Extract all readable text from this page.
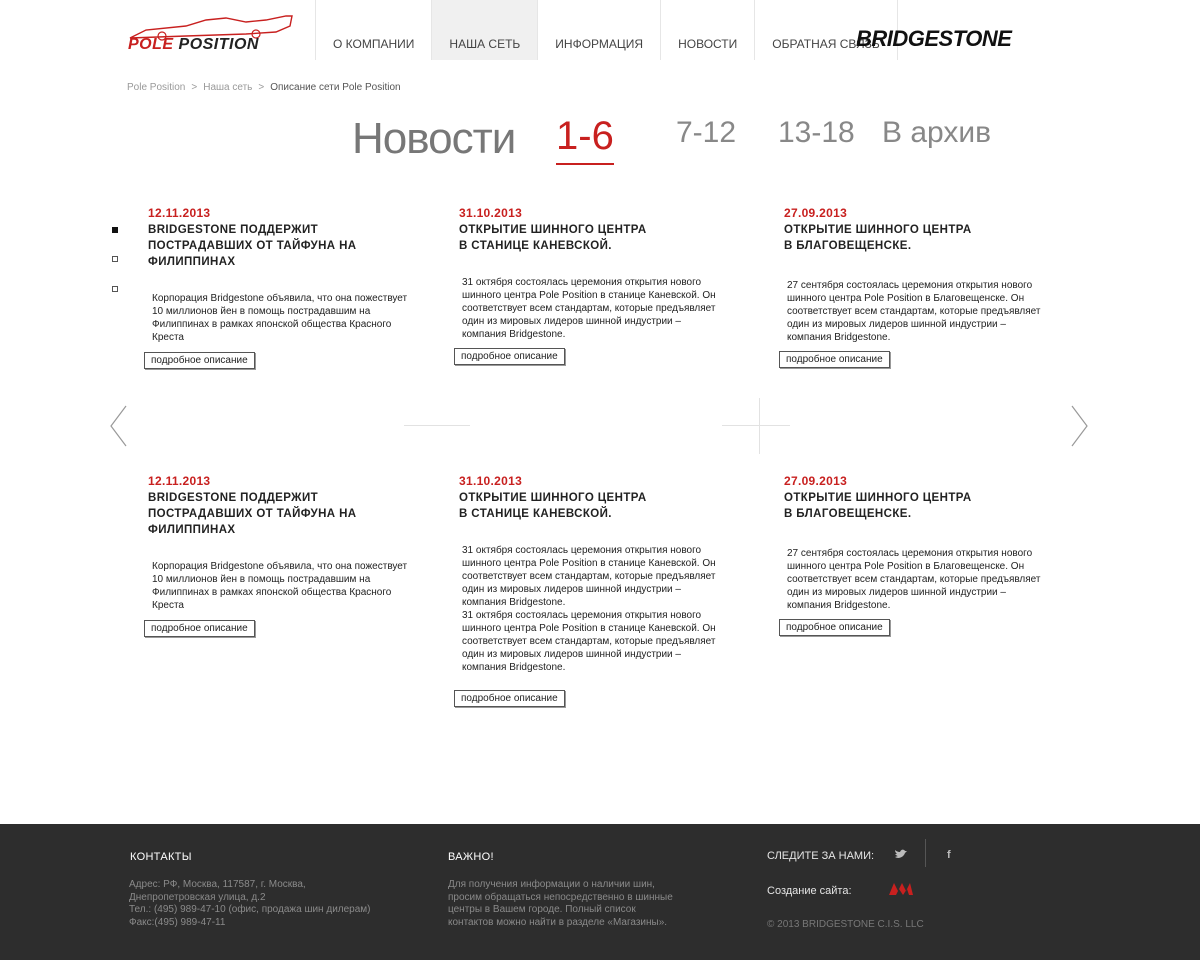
POLE POSITION	О КОМПАНИИ	НАША СЕТЬ	ИНФОРМАЦИЯ	НОВОСТИ	ОБРАТНАЯ СВЯЗЬ
BRIDGESTONE
Pole Position > Наша сеть > Описание сети Pole Position
Новости 1-6 7-12 13-18 В архив
12.11.2013
BRIDGESTONE ПОДДЕРЖИТ
ПОСТРАДАВШИХ ОТ ТАЙФУНА НА
ФИЛИППИНАХ
Корпорация Bridgestone объявила, что она пожествует
10 миллионов йен в помощь пострадавшим на
Филиппинах в рамках японской общества Красного
Креста
подробное описание
31.10.2013
ОТКРЫТИЕ ШИННОГО ЦЕНТРА
В СТАНИЦЕ КАНЕВСКОЙ.
31 октября состоялась церемония открытия нового
шинного центра Pole Position в станице Каневской. Он
соответствует всем стандартам, которые предъявляет
один из мировых лидеров шинной индустрии –
компания Bridgestone.
подробное описание
27.09.2013
ОТКРЫТИЕ ШИННОГО ЦЕНТРА
В БЛАГОВЕЩЕНСКЕ.
27 сентября состоялась церемония открытия нового
шинного центра Pole Position в Благовещенске. Он
соответствует всем стандартам, которые предъявляет
один из мировых лидеров шинной индустрии –
компания Bridgestone.
подробное описание
12.11.2013
BRIDGESTONE ПОДДЕРЖИТ
ПОСТРАДАВШИХ ОТ ТАЙФУНА НА
ФИЛИППИНАХ
Корпорация Bridgestone объявила, что она пожествует
10 миллионов йен в помощь пострадавшим на
Филиппинах в рамках японской общества Красного
Креста
подробное описание
31.10.2013
ОТКРЫТИЕ ШИННОГО ЦЕНТРА
В СТАНИЦЕ КАНЕВСКОЙ.
31 октября состоялась церемония открытия нового
шинного центра Pole Position в станице Каневской. Он
соответствует всем стандартам, которые предъявляет
один из мировых лидеров шинной индустрии –
компания Bridgestone.
31 октября состоялась церемония открытия нового
шинного центра Pole Position в станице Каневской. Он
соответствует всем стандартам, которые предъявляет
один из мировых лидеров шинной индустрии –
компания Bridgestone.
подробное описание
27.09.2013
ОТКРЫТИЕ ШИННОГО ЦЕНТРА
В БЛАГОВЕЩЕНСКЕ.
27 сентября состоялась церемония открытия нового
шинного центра Pole Position в Благовещенске. Он
соответствует всем стандартам, которые предъявляет
один из мировых лидеров шинной индустрии –
компания Bridgestone.
подробное описание
КОНТАКТЫ
Адрес: РФ, Москва, 117587, г. Москва,
Днепропетровская улица, д.2
Тел.: (495) 989-47-10 (офис, продажа шин дилерам)
Факс:(495) 989-47-11
ВАЖНО!
Для получения информации о наличии шин,
просим обращаться непосредственно в шинные
центры в Вашем городе. Полный список
контактов можно найти в разделе «Магазины».
СЛЕДИТЕ ЗА НАМИ:	f
Создание сайта:
© 2013 BRIDGESTONE C.I.S. LLC
